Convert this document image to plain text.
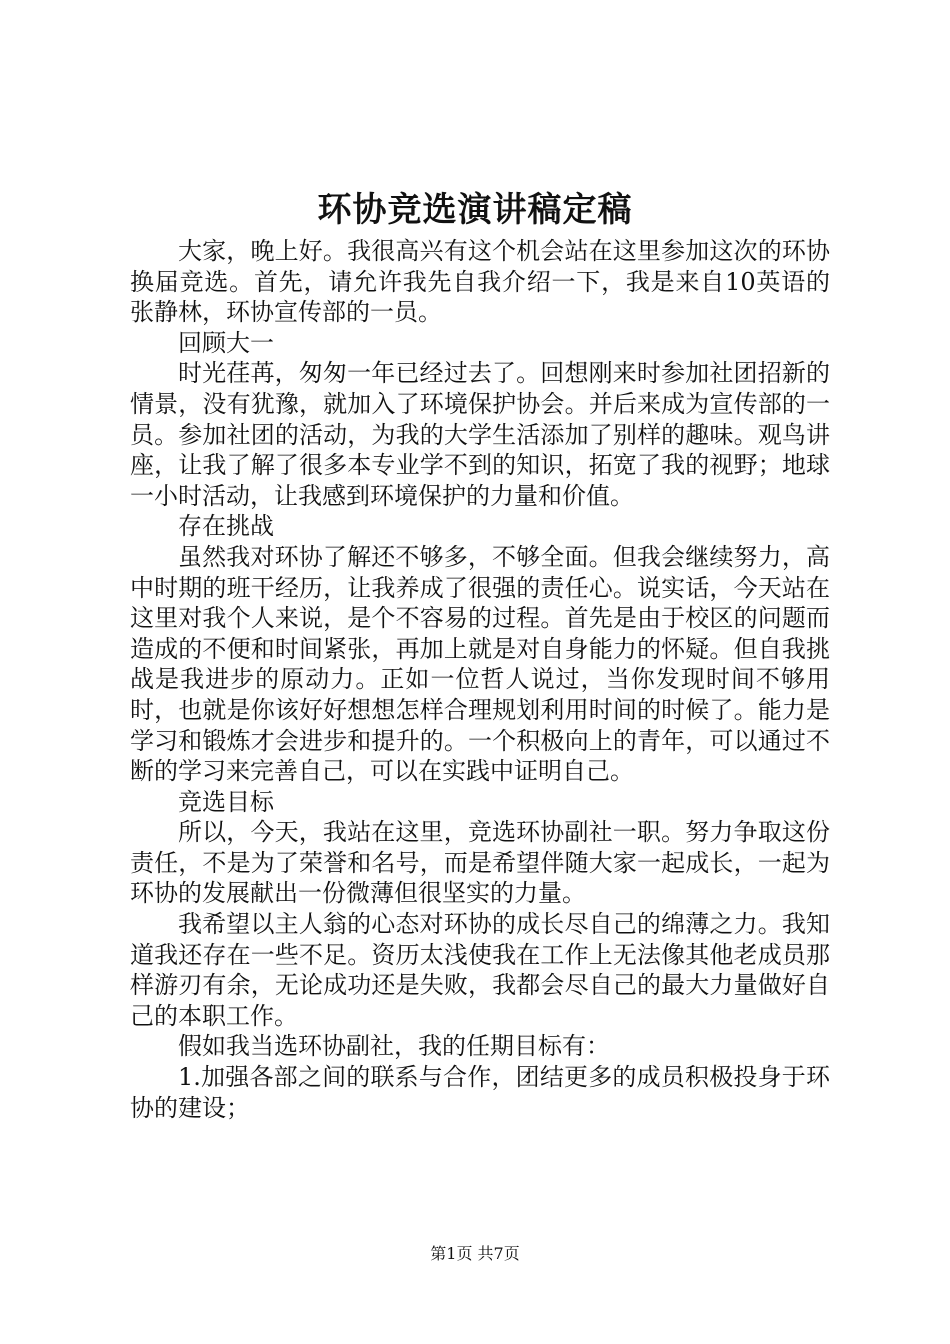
环协竞选演讲稿定稿

大家，晚上好。我很高兴有这个机会站在这里参加这次的环协换届竞选。首先，请允许我先自我介绍一下，我是来自10英语的张静林，环协宣传部的一员。

回顾大一

时光荏苒，匆匆一年已经过去了。回想刚来时参加社团招新的情景，没有犹豫，就加入了环境保护协会。并后来成为宣传部的一员。参加社团的活动，为我的大学生活添加了别样的趣味。观鸟讲座，让我了解了很多本专业学不到的知识，拓宽了我的视野；地球一小时活动，让我感到环境保护的力量和价值。

存在挑战

虽然我对环协了解还不够多，不够全面。但我会继续努力，高中时期的班干经历，让我养成了很强的责任心。说实话，今天站在这里对我个人来说，是个不容易的过程。首先是由于校区的问题而造成的不便和时间紧张，再加上就是对自身能力的怀疑。但自我挑战是我进步的原动力。正如一位哲人说过，当你发现时间不够用时，也就是你该好好想想怎样合理规划利用时间的时候了。能力是学习和锻炼才会进步和提升的。一个积极向上的青年，可以通过不断的学习来完善自己，可以在实践中证明自己。

竞选目标

所以，今天，我站在这里，竞选环协副社一职。努力争取这份责任，不是为了荣誉和名号，而是希望伴随大家一起成长，一起为环协的发展献出一份微薄但很坚实的力量。

我希望以主人翁的心态对环协的成长尽自己的绵薄之力。我知道我还存在一些不足。资历太浅使我在工作上无法像其他老成员那样游刃有余，无论成功还是失败，我都会尽自己的最大力量做好自己的本职工作。

假如我当选环协副社，我的任期目标有：

1.加强各部之间的联系与合作，团结更多的成员积极投身于环协的建设；

第1页 共7页
